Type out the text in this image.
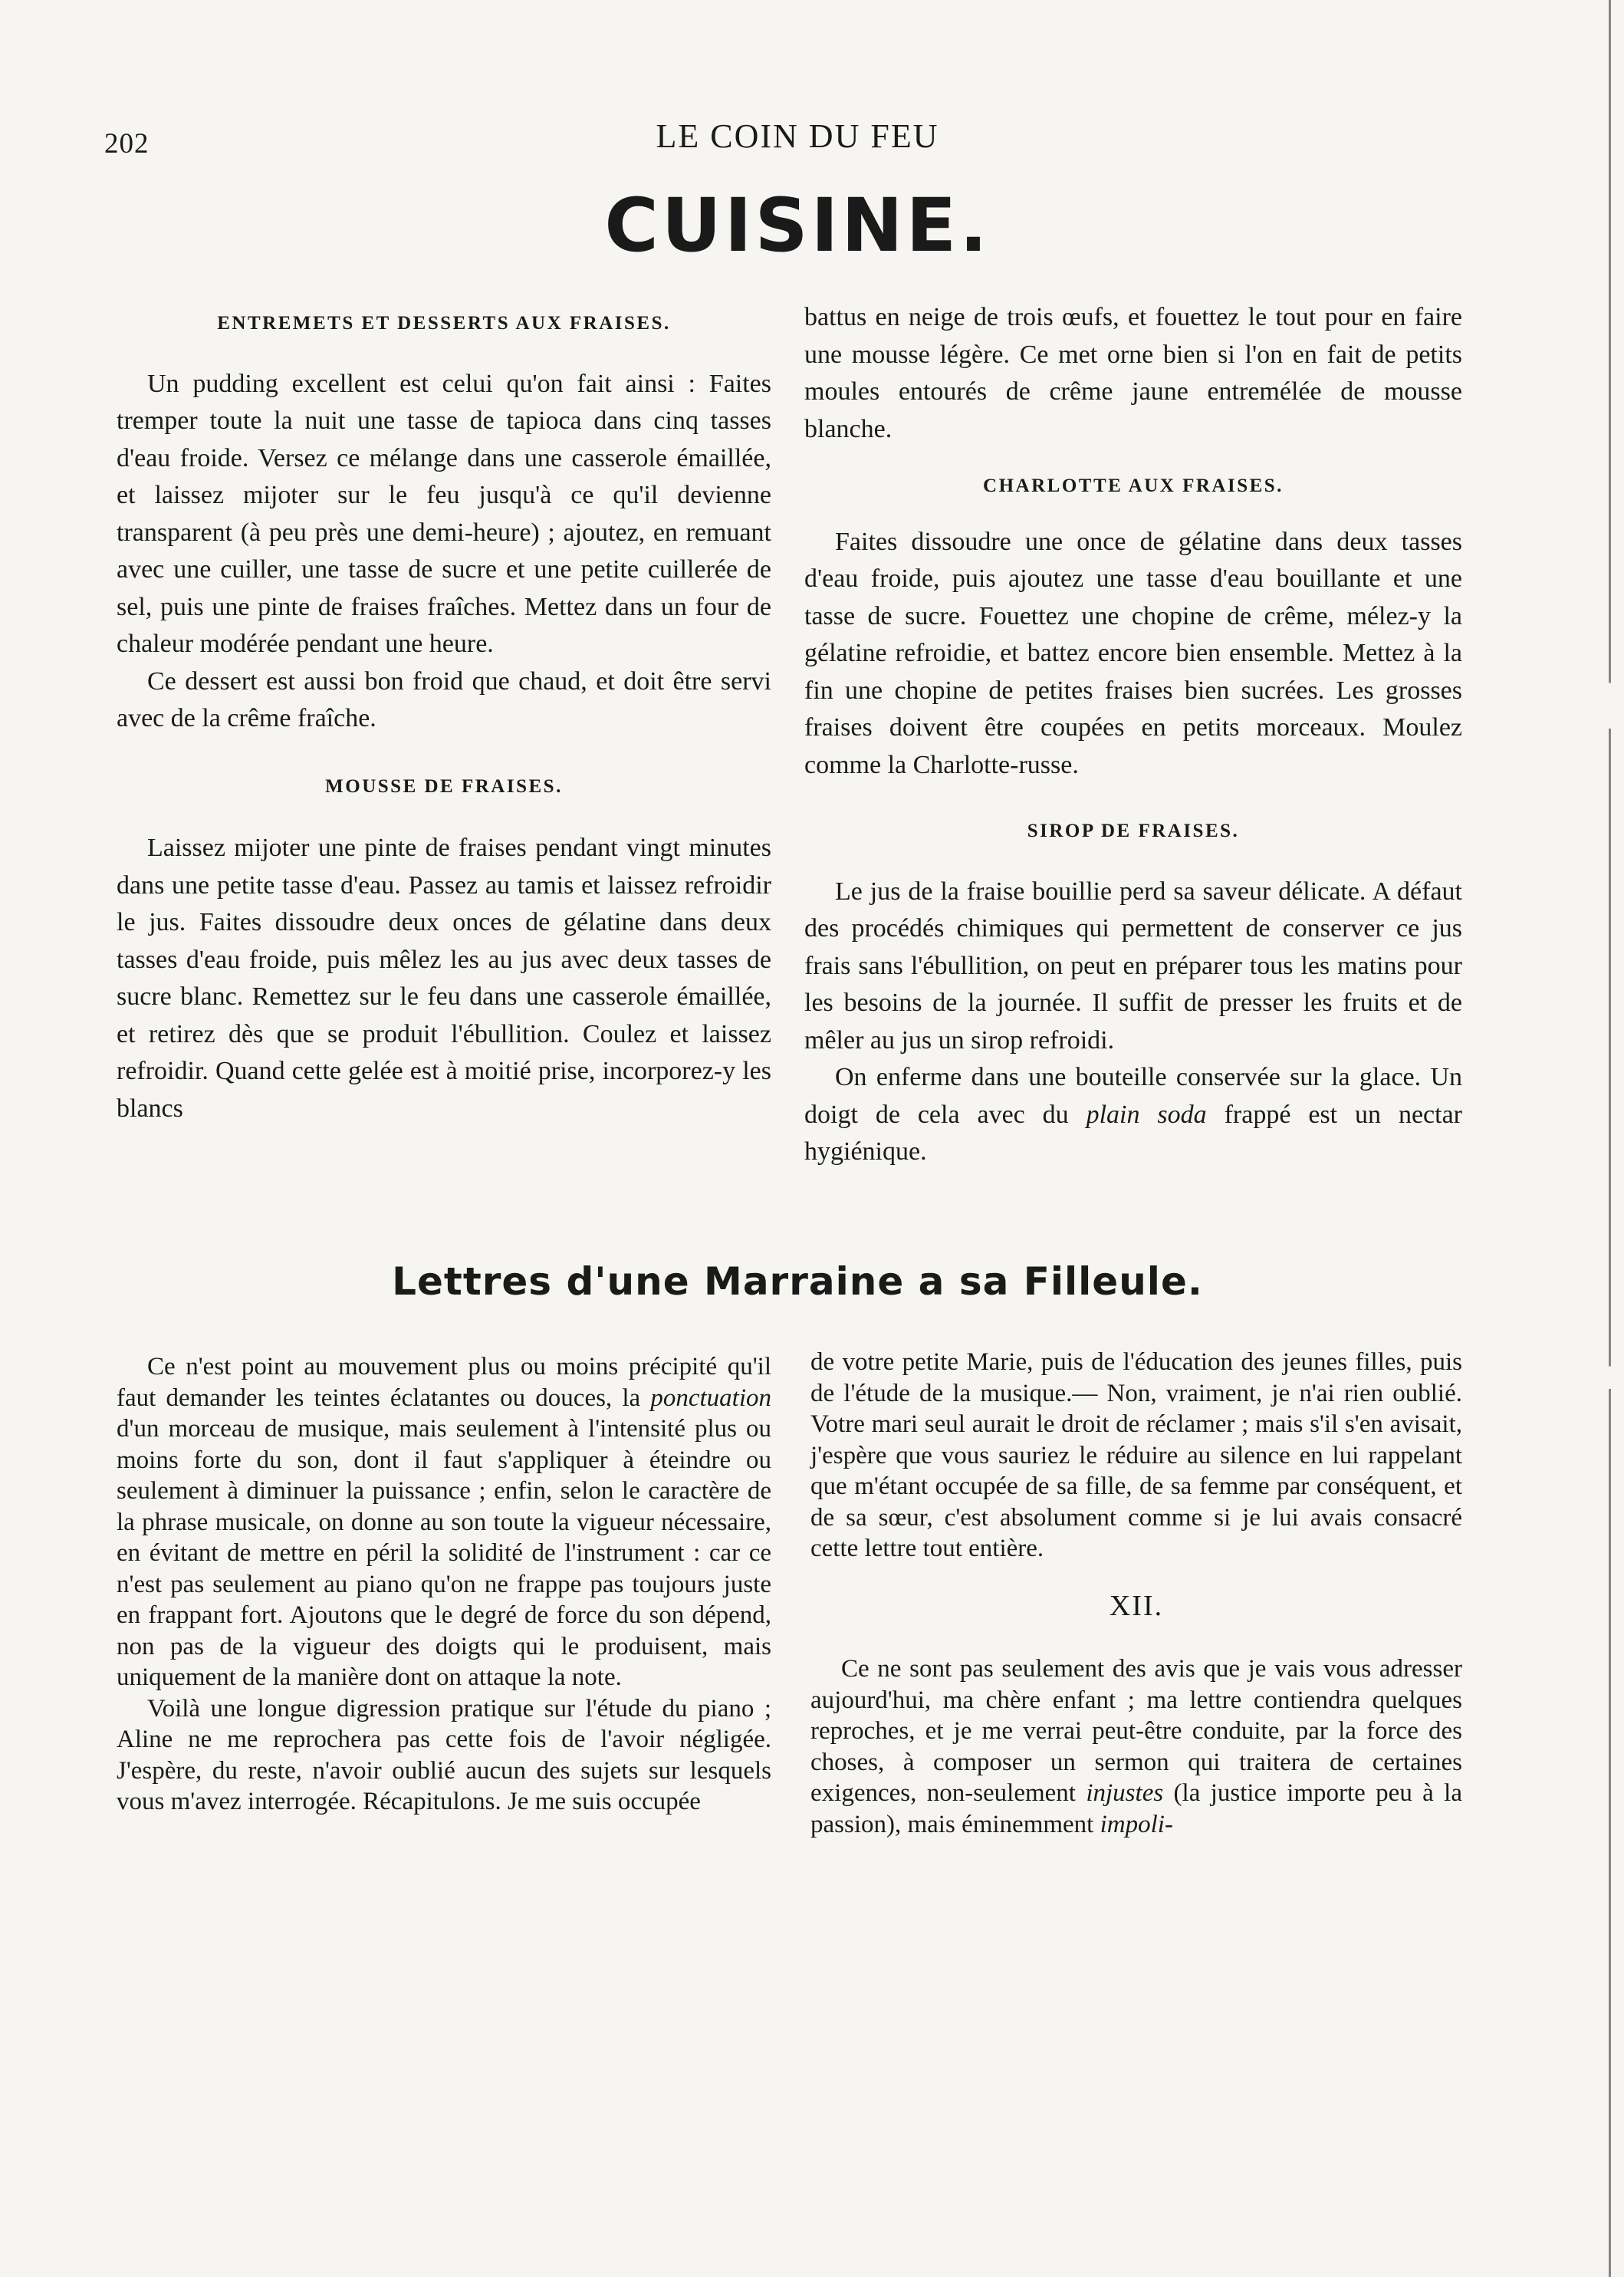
202	LE COIN DU FEU
CUISINE.
ENTREMETS ET DESSERTS AUX FRAISES.

Un pudding excellent est celui qu'on fait ainsi : Faites tremper toute la nuit une tasse de tapioca dans cinq tasses d'eau froide. Versez ce mélange dans une casserole émaillée, et laissez mijoter sur le feu jusqu'à ce qu'il devienne transparent (à peu près une demi-heure) ; ajoutez, en remuant avec une cuiller, une tasse de sucre et une petite cuillerée de sel, puis une pinte de fraises fraîches. Mettez dans un four de chaleur modérée pendant une heure.

Ce dessert est aussi bon froid que chaud, et doit être servi avec de la crême fraîche.

MOUSSE DE FRAISES.

Laissez mijoter une pinte de fraises pendant vingt minutes dans une petite tasse d'eau. Passez au tamis et laissez refroidir le jus. Faites dissoudre deux onces de gélatine dans deux tasses d'eau froide, puis mêlez les au jus avec deux tasses de sucre blanc. Remettez sur le feu dans une casserole émaillée, et retirez dès que se produit l'ébullition. Coulez et laissez refroidir. Quand cette gelée est à moitié prise, incorporez-y les blancs

battus en neige de trois œufs, et fouettez le tout pour en faire une mousse légère. Ce met orne bien si l'on en fait de petits moules entourés de crême jaune entremélée de mousse blanche.

CHARLOTTE AUX FRAISES.

Faites dissoudre une once de gélatine dans deux tasses d'eau froide, puis ajoutez une tasse d'eau bouillante et une tasse de sucre. Fouettez une chopine de crême, mélez-y la gélatine refroidie, et battez encore bien ensemble. Mettez à la fin une chopine de petites fraises bien sucrées. Les grosses fraises doivent être coupées en petits morceaux. Moulez comme la Charlotte-russe.

SIROP DE FRAISES.

Le jus de la fraise bouillie perd sa saveur délicate. A défaut des procédés chimiques qui permettent de conserver ce jus frais sans l'ébullition, on peut en préparer tous les matins pour les besoins de la journée. Il suffit de presser les fruits et de mêler au jus un sirop refroidi.

On enferme dans une bouteille conservée sur la glace. Un doigt de cela avec du plain soda frappé est un nectar hygiénique.

Lettres d'une Marraine a sa Filleule.

Ce n'est point au mouvement plus ou moins précipité qu'il faut demander les teintes éclatantes ou douces, la ponctuation d'un morceau de musique, mais seulement à l'intensité plus ou moins forte du son, dont il faut s'appliquer à éteindre ou seulement à diminuer la puissance ; enfin, selon le caractère de la phrase musicale, on donne au son toute la vigueur nécessaire, en évitant de mettre en péril la solidité de l'instrument : car ce n'est pas seulement au piano qu'on ne frappe pas toujours juste en frappant fort. Ajoutons que le degré de force du son dépend, non pas de la vigueur des doigts qui le produisent, mais uniquement de la manière dont on attaque la note.

Voilà une longue digression pratique sur l'étude du piano ; Aline ne me reprochera pas cette fois de l'avoir négligée. J'espère, du reste, n'avoir oublié aucun des sujets sur lesquels vous m'avez interrogée. Récapitulons. Je me suis occupée

de votre petite Marie, puis de l'éducation des jeunes filles, puis de l'étude de la musique.— Non, vraiment, je n'ai rien oublié. Votre mari seul aurait le droit de réclamer ; mais s'il s'en avisait, j'espère que vous sauriez le réduire au silence en lui rappelant que m'étant occupée de sa fille, de sa femme par conséquent, et de sa sœur, c'est absolument comme si je lui avais consacré cette lettre tout entière.

XII.

Ce ne sont pas seulement des avis que je vais vous adresser aujourd'hui, ma chère enfant ; ma lettre contiendra quelques reproches, et je me verrai peut-être conduite, par la force des choses, à composer un sermon qui traitera de certaines exigences, non-seulement injustes (la justice importe peu à la passion), mais éminemment impoli-
